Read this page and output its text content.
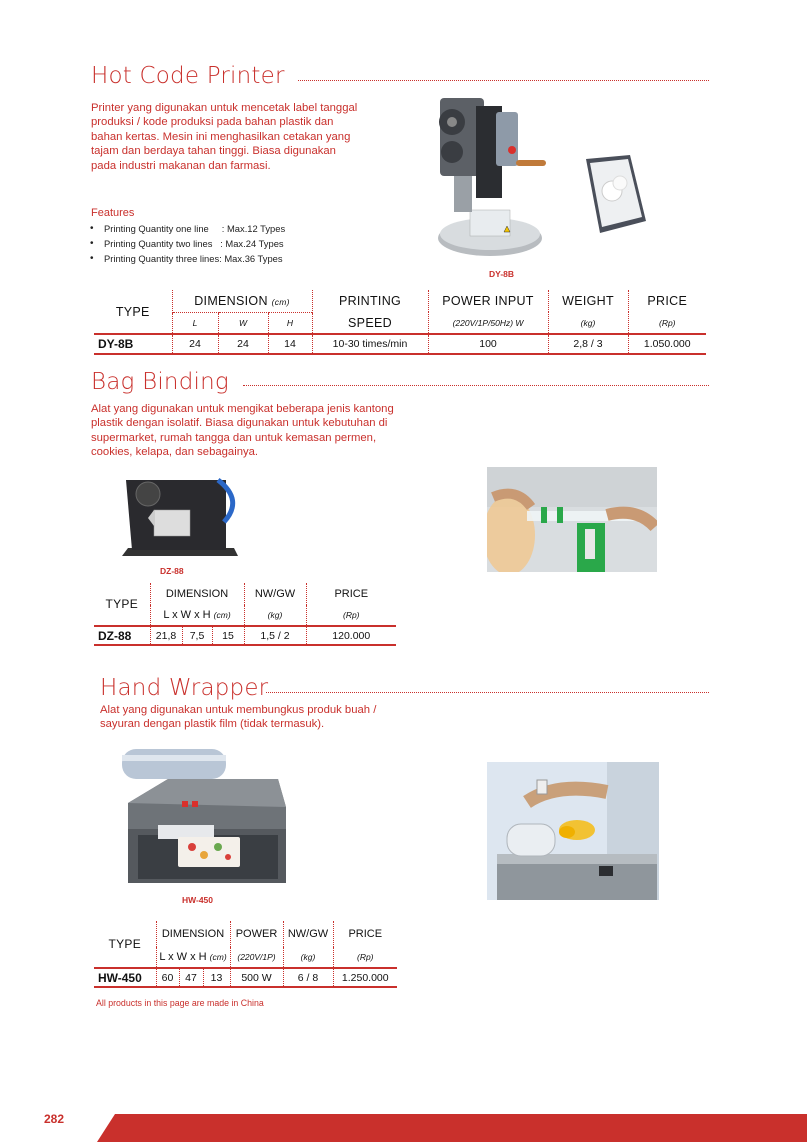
Hot Code Printer
Printer yang digunakan untuk mencetak label tanggal produksi / kode produksi pada bahan plastik dan bahan kertas. Mesin ini menghasilkan cetakan yang tajam dan berdaya tahan tinggi. Biasa digunakan pada industri makanan dan farmasi.
Features
• Printing Quantity one line     : Max.12 Types
• Printing Quantity two lines   : Max.24 Types
• Printing Quantity three lines: Max.36 Types
DY-8B
TYPE	DIMENSION (cm)			PRINTING	POWER INPUT	WEIGHT	PRICE
	L	W	H	SPEED	(220V/1P/50Hz) W	(kg)	(Rp)
DY-8B	24	24	14	10-30 times/min	100	2,8 / 3	1.050.000
Bag Binding
Alat yang digunakan untuk mengikat beberapa jenis kantong plastik dengan isolatif. Biasa digunakan untuk kebutuhan di supermarket, rumah tangga dan untuk kemasan permen, cookies, kelapa, dan sebagainya.
DZ-88
TYPE	DIMENSION			NW/GW	PRICE
	L x W x H (cm)			(kg)	(Rp)
DZ-88	21,8	7,5	15	1,5 / 2	120.000
Hand Wrapper
Alat yang digunakan untuk membungkus produk buah / sayuran dengan plastik film (tidak termasuk).
HW-450
TYPE	DIMENSION			POWER	NW/GW	PRICE
	L x W x H (cm)			(220V/1P)	(kg)	(Rp)
HW-450	60	47	13	500 W	6 / 8	1.250.000
All products in this page are made in China
282
